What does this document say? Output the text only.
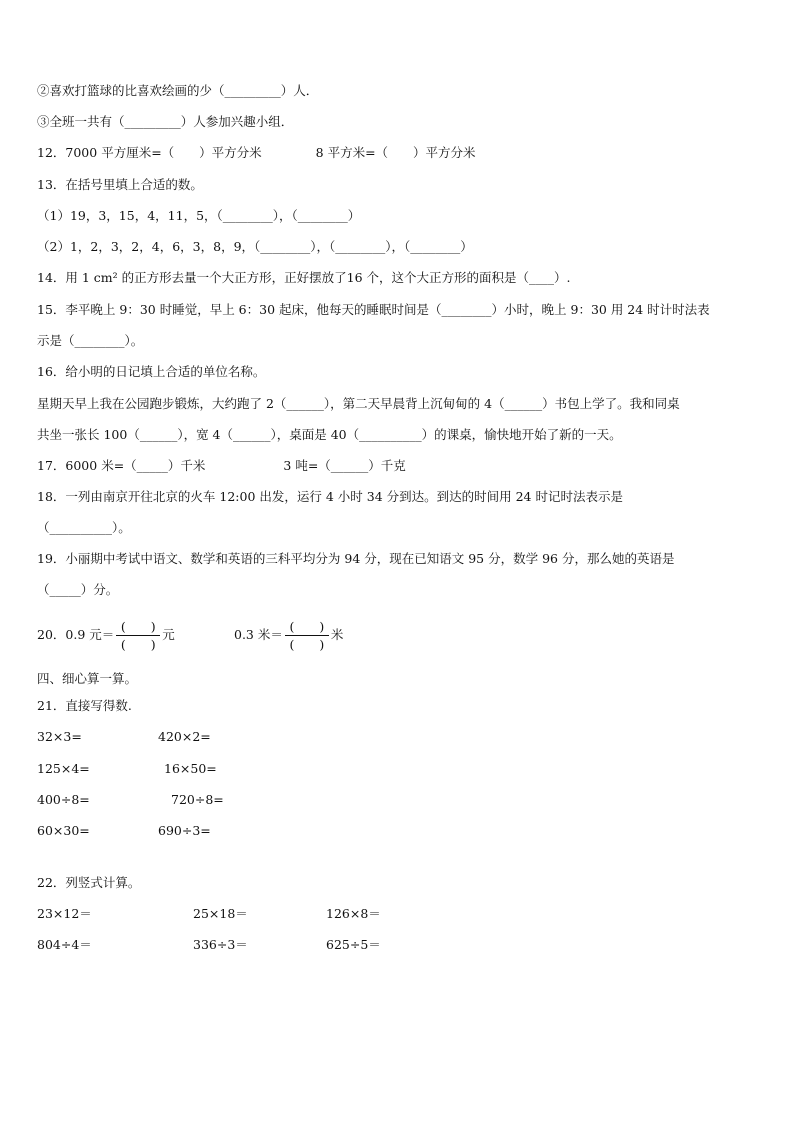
②喜欢打篮球的比喜欢绘画的少（_________）人．
③全班一共有（_________）人参加兴趣小组．
12．7000 平方厘米=（　　）平方分米	8 平方米=（　　）平方分米
13．在括号里填上合适的数。
（1）19，3，15，4，11，5，（________），（________）
（2）1，2，3，2，4，6，3，8，9，（________），（________），（________）
14．用 1 cm² 的正方形去量一个大正方形，正好摆放了16 个，这个大正方形的面积是（____）.
15．李平晚上 9：30 时睡觉，早上 6：30 起床，他每天的睡眠时间是（________）小时，晚上 9：30 用 24 时计时法表
示是（________）。
16．给小明的日记填上合适的单位名称。
星期天早上我在公园跑步锻炼，大约跑了 2（______），第二天早晨背上沉甸甸的 4（______）书包上学了。我和同桌
共坐一张长 100（______），宽 4（______），桌面是 40（__________）的课桌，愉快地开始了新的一天。
17．6000 米=（_____）千米	3 吨=（______）千克
18．一列由南京开往北京的火车 12:00 出发，运行 4 小时 34 分到达。到达的时间用 24 时记时法表示是
（__________）。
19．小丽期中考试中语文、数学和英语的三科平均分为 94 分，现在已知语文 95 分，数学 96 分，那么她的英语是
（_____）分。
20．0.9 元＝ $\frac{( )}{( )}$ 元	0.3 米＝ $\frac{( )}{( )}$ 米
四、细心算一算。
21．直接写得数.
32×3=	420×2=
125×4=	16×50=
400÷8=	720÷8=
60×30=	690÷3=
22．列竖式计算。
23×12＝	25×18＝	126×8＝
804÷4＝	336÷3＝	625÷5＝
